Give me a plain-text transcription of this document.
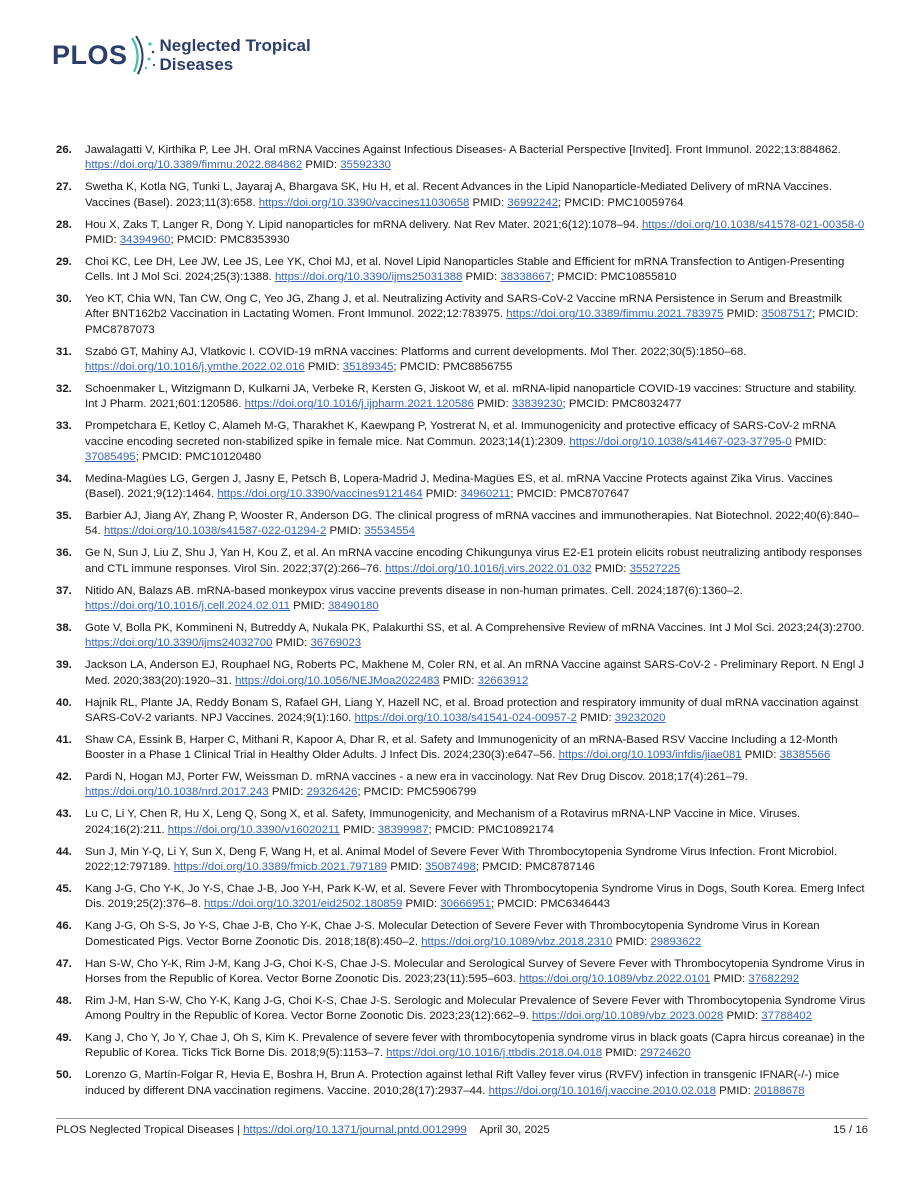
PLOS Neglected Tropical
Diseases
26.	Jawalagatti V, Kirthika P, Lee JH. Oral mRNA Vaccines Against Infectious Diseases- A Bacterial Perspective [Invited]. Front Immunol. 2022;13:884862. https://doi.org/10.3389/fimmu.2022.884862 PMID: 35592330
27.	Swetha K, Kotla NG, Tunki L, Jayaraj A, Bhargava SK, Hu H, et al. Recent Advances in the Lipid Nanoparticle-Mediated Delivery of mRNA Vaccines. Vaccines (Basel). 2023;11(3):658. https://doi.org/10.3390/vaccines11030658 PMID: 36992242; PMCID: PMC10059764
28.	Hou X, Zaks T, Langer R, Dong Y. Lipid nanoparticles for mRNA delivery. Nat Rev Mater. 2021;6(12):1078–94. https://doi.org/10.1038/s41578-021-00358-0 PMID: 34394960; PMCID: PMC8353930
29.	Choi KC, Lee DH, Lee JW, Lee JS, Lee YK, Choi MJ, et al. Novel Lipid Nanoparticles Stable and Efficient for mRNA Transfection to Antigen-Presenting Cells. Int J Mol Sci. 2024;25(3):1388. https://doi.org/10.3390/ijms25031388 PMID: 38338667; PMCID: PMC10855810
30.	Yeo KT, Chia WN, Tan CW, Ong C, Yeo JG, Zhang J, et al. Neutralizing Activity and SARS-CoV-2 Vaccine mRNA Persistence in Serum and Breastmilk After BNT162b2 Vaccination in Lactating Women. Front Immunol. 2022;12:783975. https://doi.org/10.3389/fimmu.2021.783975 PMID: 35087517; PMCID: PMC8787073
31.	Szabó GT, Mahiny AJ, Vlatkovic I. COVID-19 mRNA vaccines: Platforms and current developments. Mol Ther. 2022;30(5):1850–68. https://doi.org/10.1016/j.ymthe.2022.02.016 PMID: 35189345; PMCID: PMC8856755
32.	Schoenmaker L, Witzigmann D, Kulkarni JA, Verbeke R, Kersten G, Jiskoot W, et al. mRNA-lipid nanoparticle COVID-19 vaccines: Structure and stability. Int J Pharm. 2021;601:120586. https://doi.org/10.1016/j.ijpharm.2021.120586 PMID: 33839230; PMCID: PMC8032477
33.	Prompetchara E, Ketloy C, Alameh M-G, Tharakhet K, Kaewpang P, Yostrerat N, et al. Immunogenicity and protective efficacy of SARS-CoV-2 mRNA vaccine encoding secreted non-stabilized spike in female mice. Nat Commun. 2023;14(1):2309. https://doi.org/10.1038/s41467-023-37795-0 PMID: 37085495; PMCID: PMC10120480
34.	Medina-Magües LG, Gergen J, Jasny E, Petsch B, Lopera-Madrid J, Medina-Magües ES, et al. mRNA Vaccine Protects against Zika Virus. Vaccines (Basel). 2021;9(12):1464. https://doi.org/10.3390/vaccines9121464 PMID: 34960211; PMCID: PMC8707647
35.	Barbier AJ, Jiang AY, Zhang P, Wooster R, Anderson DG. The clinical progress of mRNA vaccines and immunotherapies. Nat Biotechnol. 2022;40(6):840–54. https://doi.org/10.1038/s41587-022-01294-2 PMID: 35534554
36.	Ge N, Sun J, Liu Z, Shu J, Yan H, Kou Z, et al. An mRNA vaccine encoding Chikungunya virus E2-E1 protein elicits robust neutralizing antibody responses and CTL immune responses. Virol Sin. 2022;37(2):266–76. https://doi.org/10.1016/j.virs.2022.01.032 PMID: 35527225
37.	Nitido AN, Balazs AB. mRNA-based monkeypox virus vaccine prevents disease in non-human primates. Cell. 2024;187(6):1360–2. https://doi.org/10.1016/j.cell.2024.02.011 PMID: 38490180
38.	Gote V, Bolla PK, Kommineni N, Butreddy A, Nukala PK, Palakurthi SS, et al. A Comprehensive Review of mRNA Vaccines. Int J Mol Sci. 2023;24(3):2700. https://doi.org/10.3390/ijms24032700 PMID: 36769023
39.	Jackson LA, Anderson EJ, Rouphael NG, Roberts PC, Makhene M, Coler RN, et al. An mRNA Vaccine against SARS-CoV-2 - Preliminary Report. N Engl J Med. 2020;383(20):1920–31. https://doi.org/10.1056/NEJMoa2022483 PMID: 32663912
40.	Hajnik RL, Plante JA, Reddy Bonam S, Rafael GH, Liang Y, Hazell NC, et al. Broad protection and respiratory immunity of dual mRNA vaccination against SARS-CoV-2 variants. NPJ Vaccines. 2024;9(1):160. https://doi.org/10.1038/s41541-024-00957-2 PMID: 39232020
41.	Shaw CA, Essink B, Harper C, Mithani R, Kapoor A, Dhar R, et al. Safety and Immunogenicity of an mRNA-Based RSV Vaccine Including a 12-Month Booster in a Phase 1 Clinical Trial in Healthy Older Adults. J Infect Dis. 2024;230(3):e647–56. https://doi.org/10.1093/infdis/jiae081 PMID: 38385566
42.	Pardi N, Hogan MJ, Porter FW, Weissman D. mRNA vaccines - a new era in vaccinology. Nat Rev Drug Discov. 2018;17(4):261–79. https://doi.org/10.1038/nrd.2017.243 PMID: 29326426; PMCID: PMC5906799
43.	Lu C, Li Y, Chen R, Hu X, Leng Q, Song X, et al. Safety, Immunogenicity, and Mechanism of a Rotavirus mRNA-LNP Vaccine in Mice. Viruses. 2024;16(2):211. https://doi.org/10.3390/v16020211 PMID: 38399987; PMCID: PMC10892174
44.	Sun J, Min Y-Q, Li Y, Sun X, Deng F, Wang H, et al. Animal Model of Severe Fever With Thrombocytopenia Syndrome Virus Infection. Front Microbiol. 2022;12:797189. https://doi.org/10.3389/fmicb.2021.797189 PMID: 35087498; PMCID: PMC8787146
45.	Kang J-G, Cho Y-K, Jo Y-S, Chae J-B, Joo Y-H, Park K-W, et al. Severe Fever with Thrombocytopenia Syndrome Virus in Dogs, South Korea. Emerg Infect Dis. 2019;25(2):376–8. https://doi.org/10.3201/eid2502.180859 PMID: 30666951; PMCID: PMC6346443
46.	Kang J-G, Oh S-S, Jo Y-S, Chae J-B, Cho Y-K, Chae J-S. Molecular Detection of Severe Fever with Thrombocytopenia Syndrome Virus in Korean Domesticated Pigs. Vector Borne Zoonotic Dis. 2018;18(8):450–2. https://doi.org/10.1089/vbz.2018.2310 PMID: 29893622
47.	Han S-W, Cho Y-K, Rim J-M, Kang J-G, Choi K-S, Chae J-S. Molecular and Serological Survey of Severe Fever with Thrombocytopenia Syndrome Virus in Horses from the Republic of Korea. Vector Borne Zoonotic Dis. 2023;23(11):595–603. https://doi.org/10.1089/vbz.2022.0101 PMID: 37682292
48.	Rim J-M, Han S-W, Cho Y-K, Kang J-G, Choi K-S, Chae J-S. Serologic and Molecular Prevalence of Severe Fever with Thrombocytopenia Syndrome Virus Among Poultry in the Republic of Korea. Vector Borne Zoonotic Dis. 2023;23(12):662–9. https://doi.org/10.1089/vbz.2023.0028 PMID: 37788402
49.	Kang J, Cho Y, Jo Y, Chae J, Oh S, Kim K. Prevalence of severe fever with thrombocytopenia syndrome virus in black goats (Capra hircus coreanae) in the Republic of Korea. Ticks Tick Borne Dis. 2018;9(5):1153–7. https://doi.org/10.1016/j.ttbdis.2018.04.018 PMID: 29724620
50.	Lorenzo G, Martín-Folgar R, Hevia E, Boshra H, Brun A. Protection against lethal Rift Valley fever virus (RVFV) infection in transgenic IFNAR(-/-) mice induced by different DNA vaccination regimens. Vaccine. 2010;28(17):2937–44. https://doi.org/10.1016/j.vaccine.2010.02.018 PMID: 20188678
PLOS Neglected Tropical Diseases | https://doi.org/10.1371/journal.pntd.0012999 April 30, 2025	15 / 16
